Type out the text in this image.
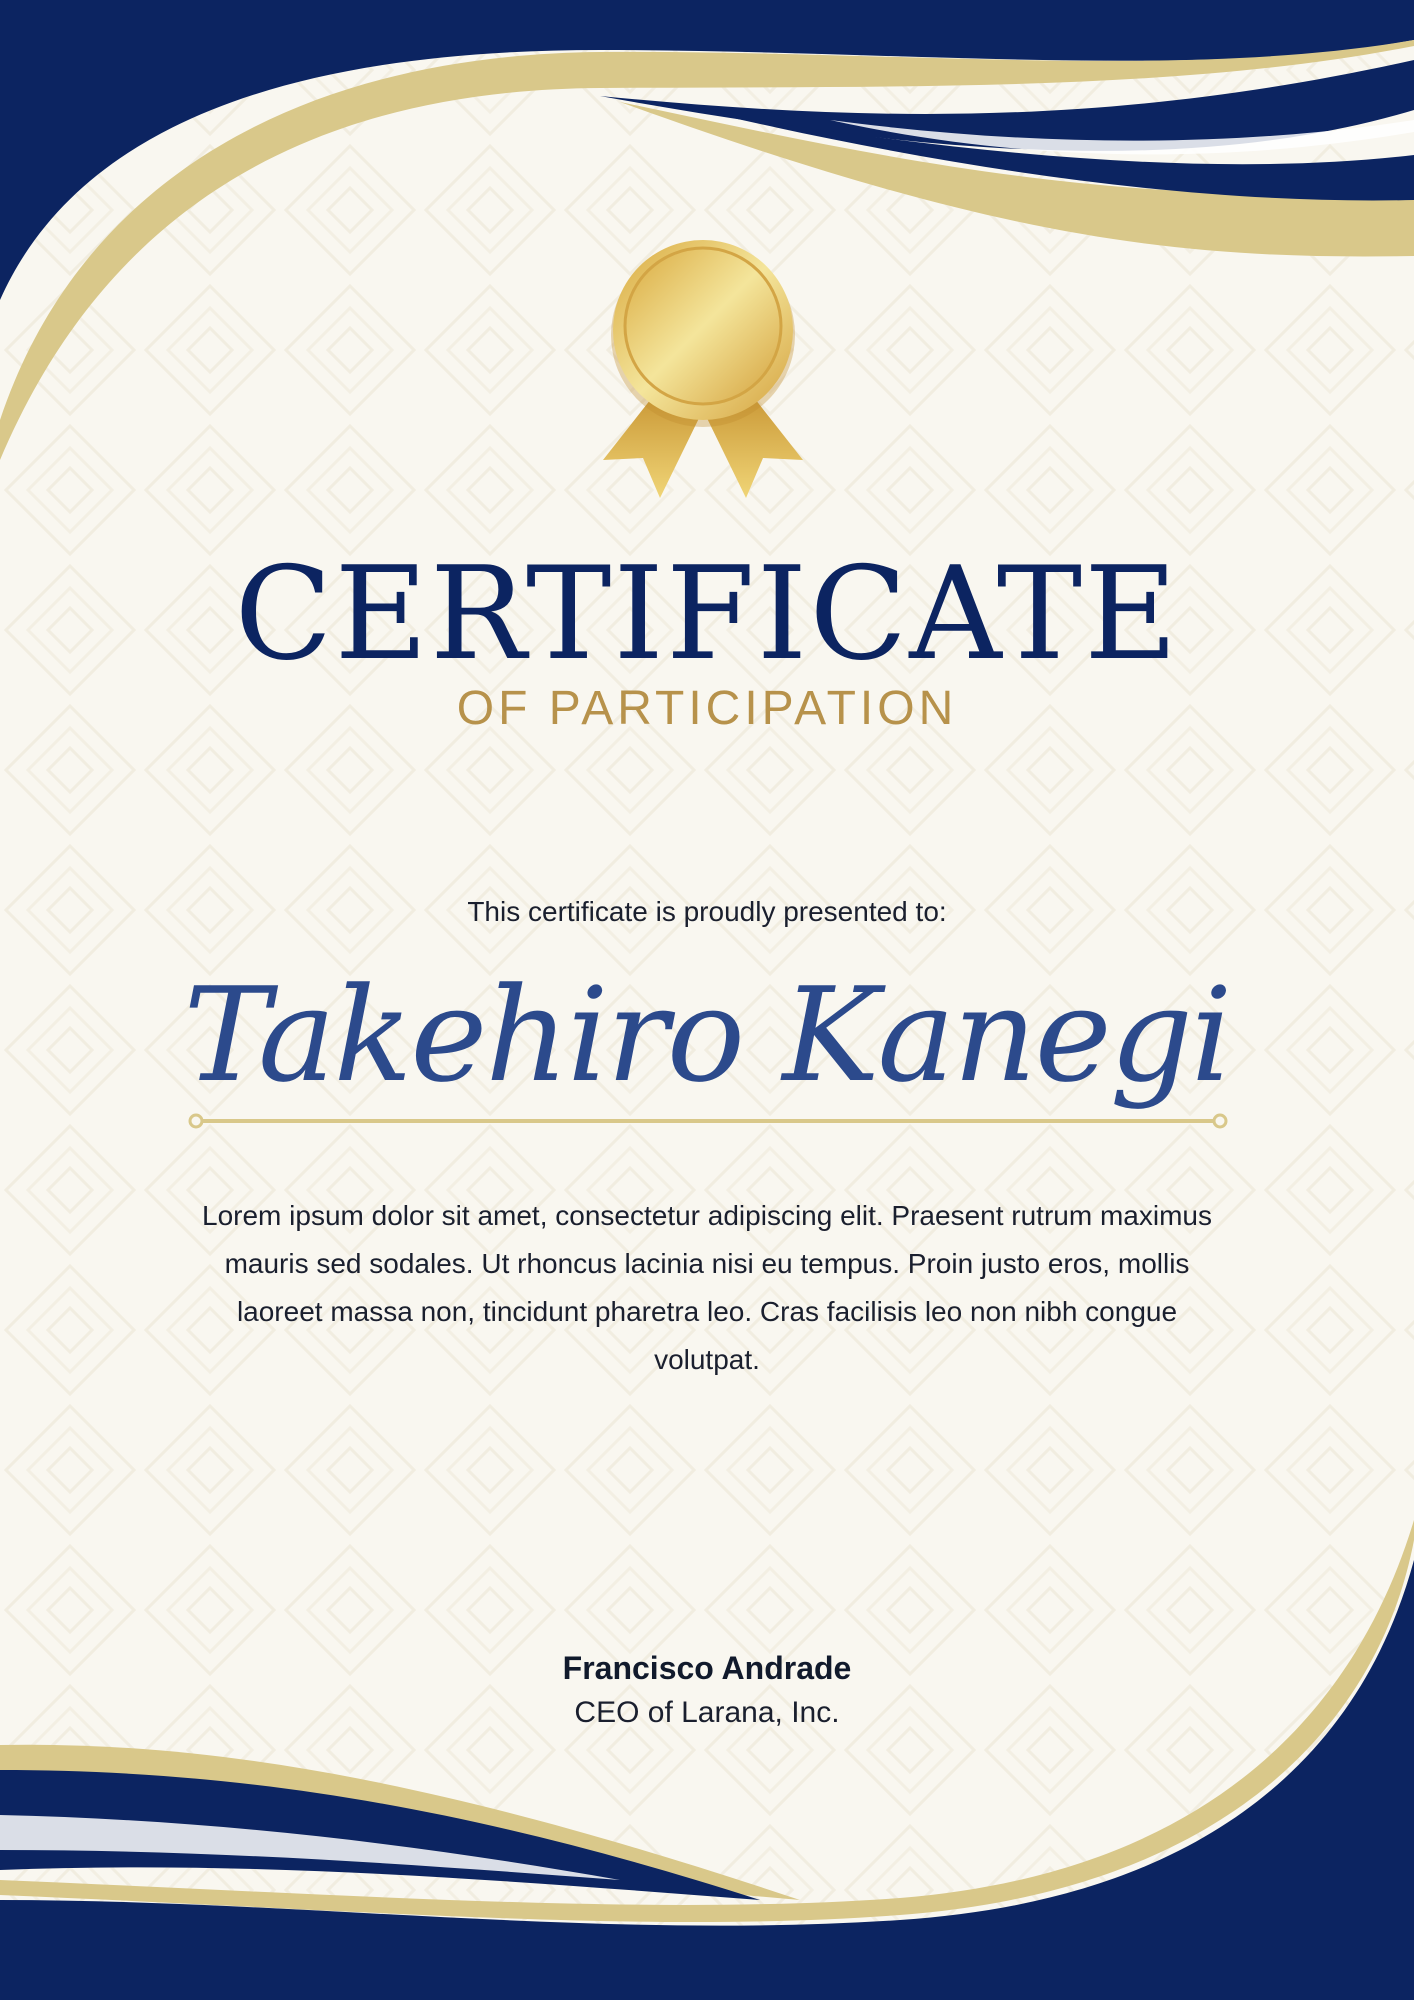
CERTIFICATE
OF PARTICIPATION
This certificate is proudly presented to:
Takehiro Kanegi

Lorem ipsum dolor sit amet, consectetur adipiscing elit. Praesent rutrum maximus mauris sed sodales. Ut rhoncus lacinia nisi eu tempus. Proin justo eros, mollis laoreet massa non, tincidunt pharetra leo. Cras facilisis leo non nibh congue volutpat.

Francisco Andrade
CEO of Larana, Inc.
